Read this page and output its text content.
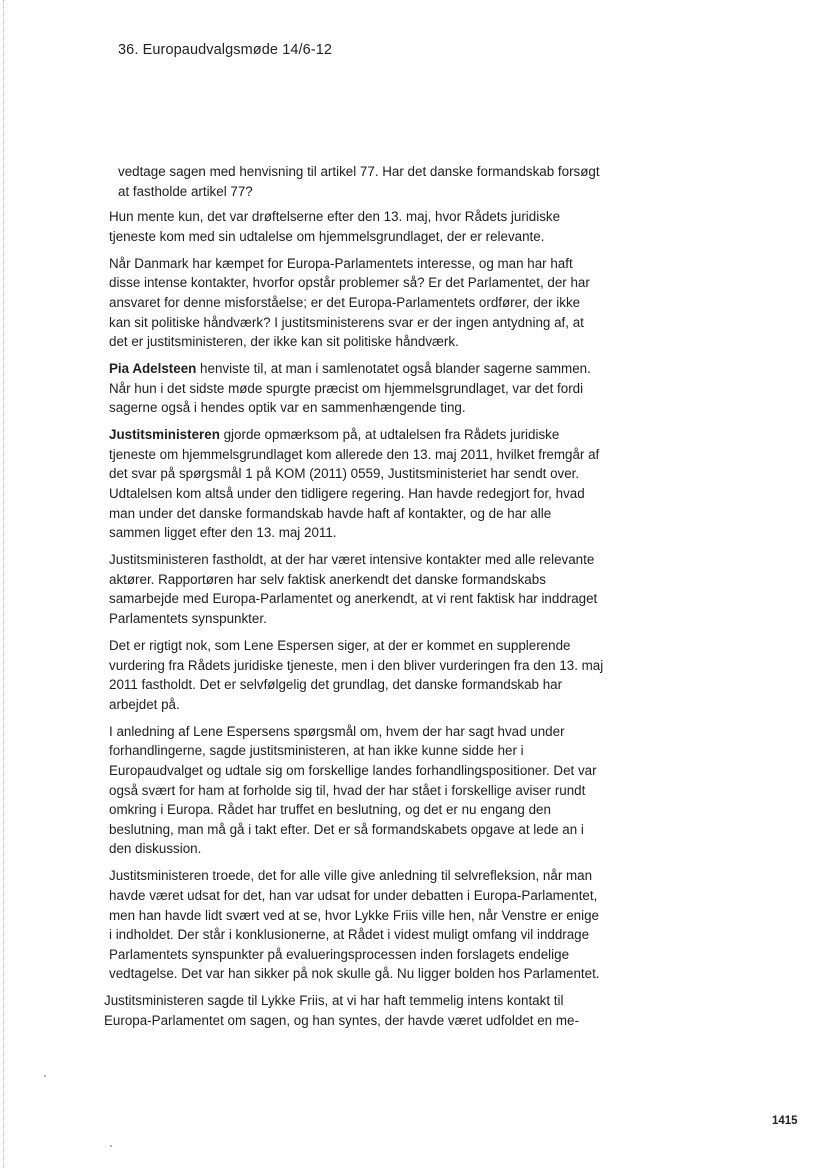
36. Europaudvalgsmøde 14/6-12

vedtage sagen med henvisning til artikel 77. Har det danske formandskab forsøgt at fastholde artikel 77?

Hun mente kun, det var drøftelserne efter den 13. maj, hvor Rådets juridiske tjeneste kom med sin udtalelse om hjemmelsgrundlaget, der er relevante.

Når Danmark har kæmpet for Europa-Parlamentets interesse, og man har haft disse intense kontakter, hvorfor opstår problemer så? Er det Parlamentet, der har ansvaret for denne misforståelse; er det Europa-Parlamentets ordfører, der ikke kan sit politiske håndværk? I justitsministerens svar er der ingen antydning af, at det er justitsministeren, der ikke kan sit politiske håndværk.

Pia Adelsteen henviste til, at man i samlenotatet også blander sagerne sammen. Når hun i det sidste møde spurgte præcist om hjemmelsgrundlaget, var det fordi sagerne også i hendes optik var en sammenhængende ting.

Justitsministeren gjorde opmærksom på, at udtalelsen fra Rådets juridiske tjeneste om hjemmelsgrundlaget kom allerede den 13. maj 2011, hvilket fremgår af det svar på spørgsmål 1 på KOM (2011) 0559, Justitsministeriet har sendt over. Udtalelsen kom altså under den tidligere regering. Han havde redegjort for, hvad man under det danske formandskab havde haft af kontakter, og de har alle sammen ligget efter den 13. maj 2011.

Justitsministeren fastholdt, at der har været intensive kontakter med alle relevante aktører. Rapportøren har selv faktisk anerkendt det danske formandskabs samarbejde med Europa-Parlamentet og anerkendt, at vi rent faktisk har inddraget Parlamentets synspunkter.

Det er rigtigt nok, som Lene Espersen siger, at der er kommet en supplerende vurdering fra Rådets juridiske tjeneste, men i den bliver vurderingen fra den 13. maj 2011 fastholdt. Det er selvfølgelig det grundlag, det danske formandskab har arbejdet på.

I anledning af Lene Espersens spørgsmål om, hvem der har sagt hvad under forhandlingerne, sagde justitsministeren, at han ikke kunne sidde her i Europaudvalget og udtale sig om forskellige landes forhandlingspositioner. Det var også svært for ham at forholde sig til, hvad der har stået i forskellige aviser rundt omkring i Europa. Rådet har truffet en beslutning, og det er nu engang den beslutning, man må gå i takt efter. Det er så formandskabets opgave at lede an i den diskussion.

Justitsministeren troede, det for alle ville give anledning til selvrefleksion, når man havde været udsat for det, han var udsat for under debatten i Europa-Parlamentet, men han havde lidt svært ved at se, hvor Lykke Friis ville hen, når Venstre er enige i indholdet. Der står i konklusionerne, at Rådet i videst muligt omfang vil inddrage Parlamentets synspunkter på evalueringsprocessen inden forslagets endelige vedtagelse. Det var han sikker på nok skulle gå. Nu ligger bolden hos Parlamentet.

Justitsministeren sagde til Lykke Friis, at vi har haft temmelig intens kontakt til Europa-Parlamentet om sagen, og han syntes, der havde været udfoldet en me-

1415
